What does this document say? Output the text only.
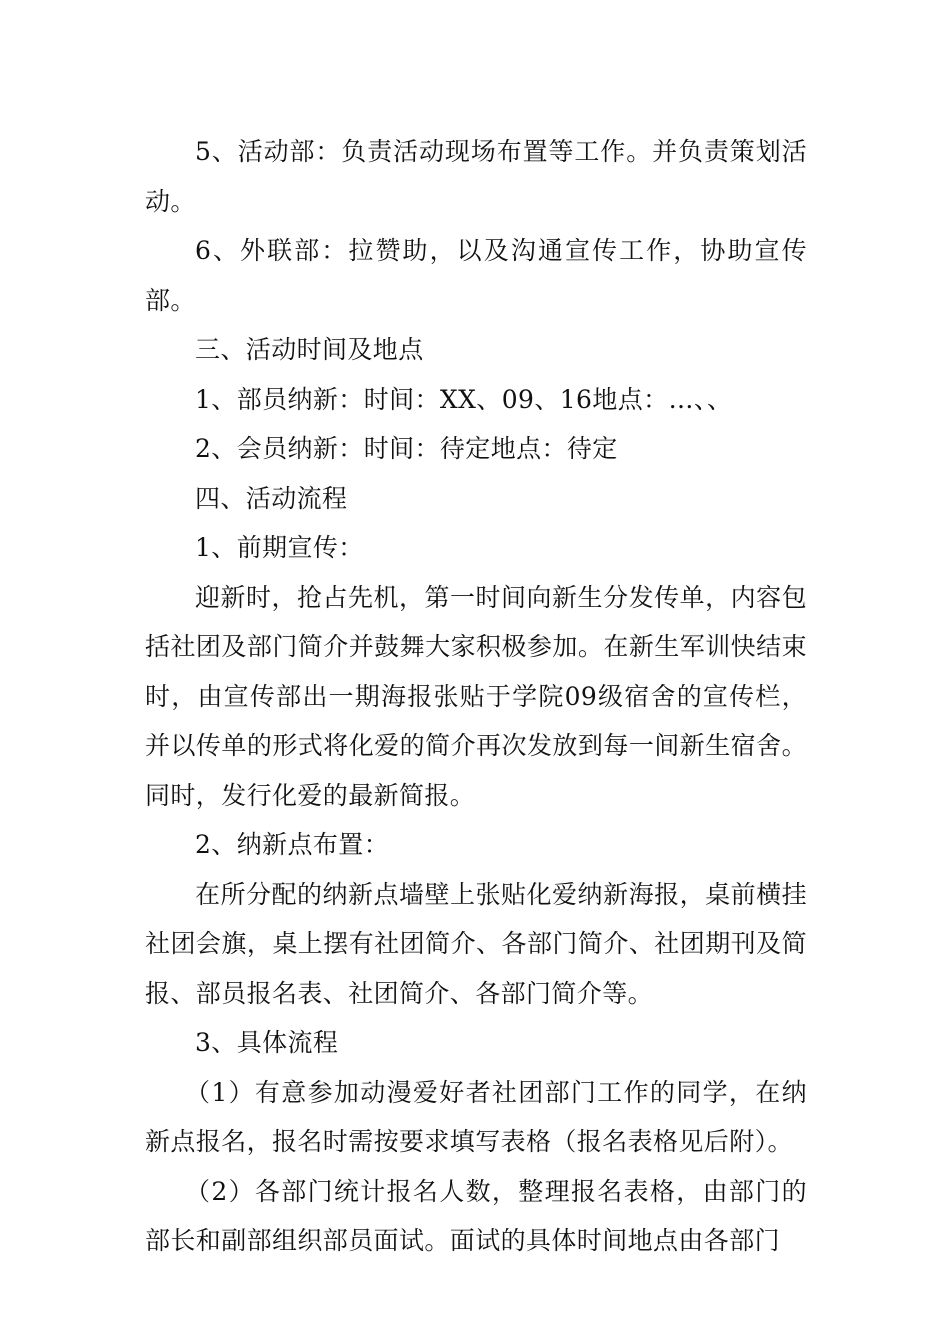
5、活动部：负责活动现场布置等工作。并负责策划活动。

6、外联部：拉赞助，以及沟通宣传工作，协助宣传部。

三、活动时间及地点

1、部员纳新：时间：XX、09、16地点：…、、

2、会员纳新：时间：待定地点：待定

四、活动流程

1、前期宣传：

迎新时，抢占先机，第一时间向新生分发传单，内容包括社团及部门简介并鼓舞大家积极参加。在新生军训快结束时，由宣传部出一期海报张贴于学院09级宿舍的宣传栏，并以传单的形式将化爱的简介再次发放到每一间新生宿舍。同时，发行化爱的最新简报。

2、纳新点布置：

在所分配的纳新点墙壁上张贴化爱纳新海报，桌前横挂社团会旗，桌上摆有社团简介、各部门简介、社团期刊及简报、部员报名表、社团简介、各部门简介等。

3、具体流程

（1）有意参加动漫爱好者社团部门工作的同学，在纳新点报名，报名时需按要求填写表格（报名表格见后附）。

（2）各部门统计报名人数，整理报名表格，由部门的部长和副部组织部员面试。面试的具体时间地点由各部门
